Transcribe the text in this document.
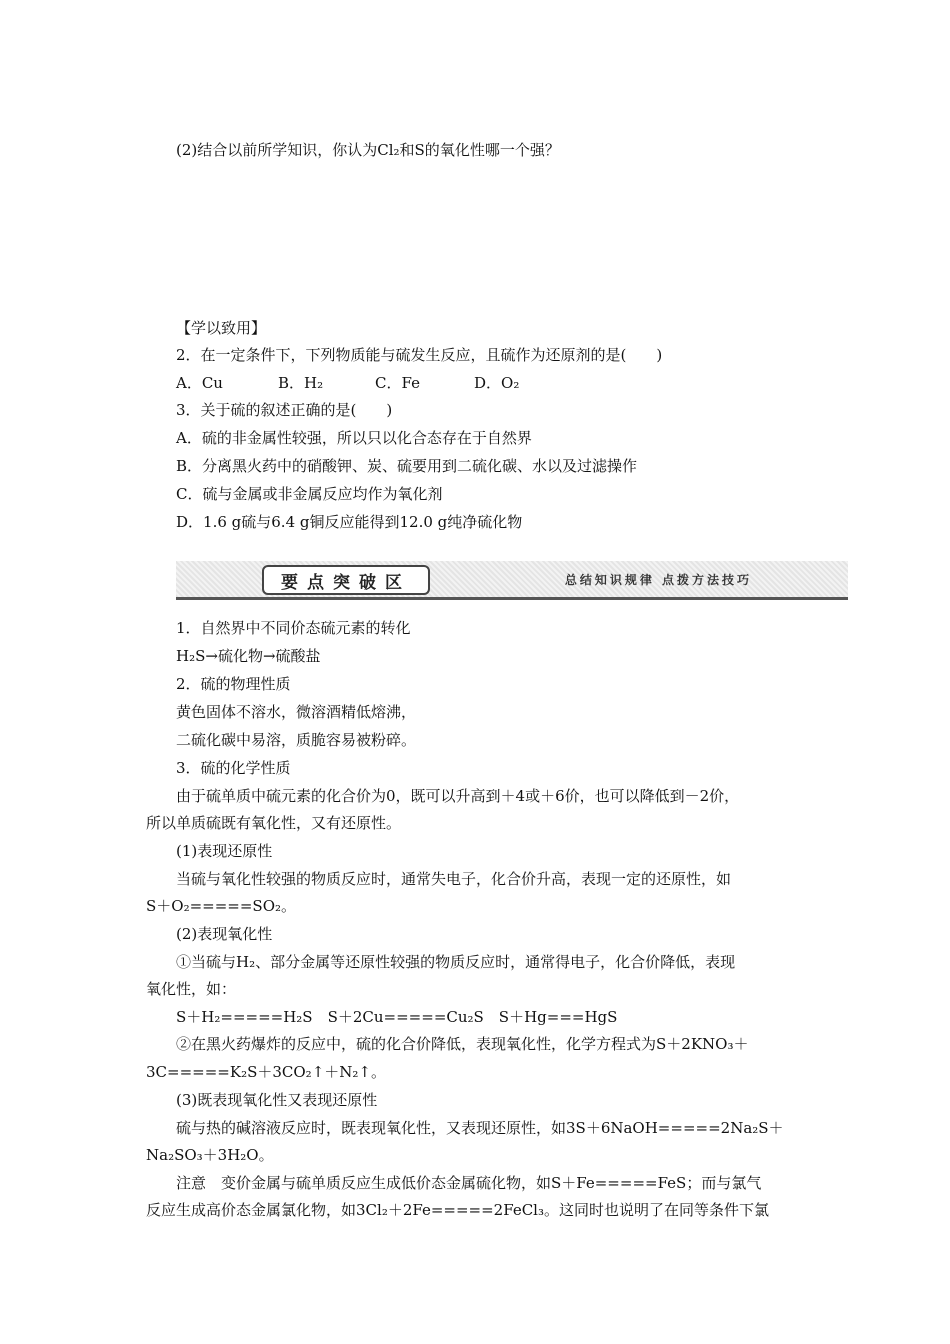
(2)结合以前所学知识，你认为Cl₂和S的氧化性哪一个强？
【学以致用】
2．在一定条件下，下列物质能与硫发生反应，且硫作为还原剂的是(　　)
A．Cu	B．H₂	C．Fe	D．O₂
3．关于硫的叙述正确的是(　　)
A．硫的非金属性较强，所以只以化合态存在于自然界
B．分离黑火药中的硝酸钾、炭、硫要用到二硫化碳、水以及过滤操作
C．硫与金属或非金属反应均作为氧化剂
D．1.6 g硫与6.4 g铜反应能得到12.0 g纯净硫化物
要点突破区	总结知识规律 点拨方法技巧
1．自然界中不同价态硫元素的转化
H₂S→硫化物→硫酸盐
2．硫的物理性质
黄色固体不溶水，微溶酒精低熔沸，
二硫化碳中易溶，质脆容易被粉碎。
3．硫的化学性质
由于硫单质中硫元素的化合价为0，既可以升高到＋4或＋6价，也可以降低到－2价，
所以单质硫既有氧化性，又有还原性。
(1)表现还原性
当硫与氧化性较强的物质反应时，通常失电子，化合价升高，表现一定的还原性，如
S＋O₂=====SO₂。
(2)表现氧化性
①当硫与H₂、部分金属等还原性较强的物质反应时，通常得电子，化合价降低，表现
氧化性，如：
S＋H₂=====H₂S　S＋2Cu=====Cu₂S　S＋Hg===HgS
②在黑火药爆炸的反应中，硫的化合价降低，表现氧化性，化学方程式为S＋2KNO₃＋
3C=====K₂S＋3CO₂↑＋N₂↑。
(3)既表现氧化性又表现还原性
硫与热的碱溶液反应时，既表现氧化性，又表现还原性，如3S＋6NaOH=====2Na₂S＋
Na₂SO₃＋3H₂O。
注意　变价金属与硫单质反应生成低价态金属硫化物，如S＋Fe=====FeS；而与氯气
反应生成高价态金属氯化物，如3Cl₂＋2Fe=====2FeCl₃。这同时也说明了在同等条件下氯
